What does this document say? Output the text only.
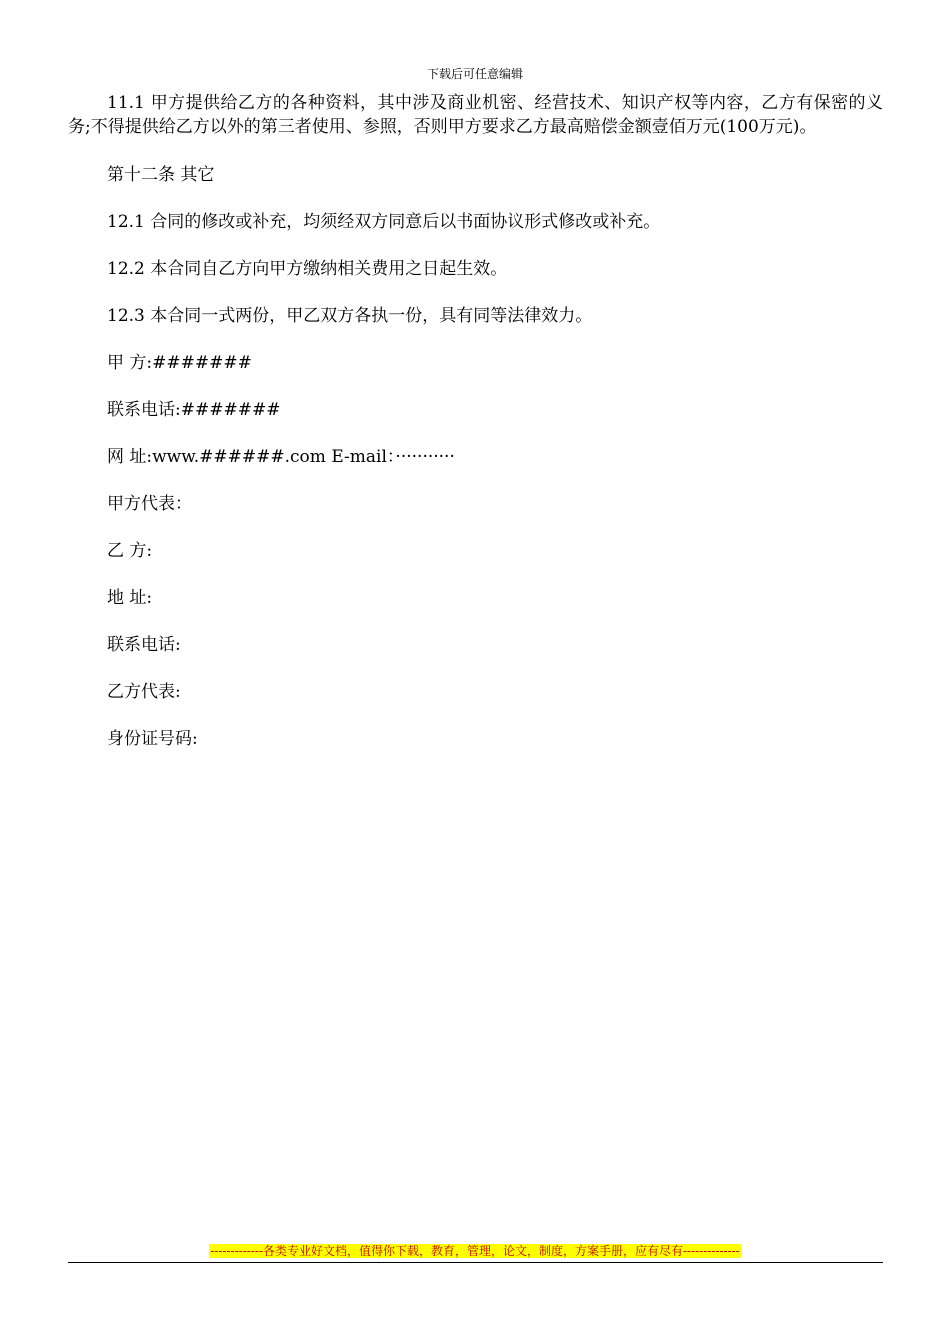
下载后可任意编辑

11.1 甲方提供给乙方的各种资料，其中涉及商业机密、经营技术、知识产权等内容，乙方有保密的义务;不得提供给乙方以外的第三者使用、参照，否则甲方要求乙方最高赔偿金额壹佰万元(100万元)。

第十二条 其它

12.1 合同的修改或补充，均须经双方同意后以书面协议形式修改或补充。

12.2 本合同自乙方向甲方缴纳相关费用之日起生效。

12.3 本合同一式两份，甲乙双方各执一份，具有同等法律效力。

甲 方:#######

联系电话:#######

网 址:www.######.com E-mail：···········

甲方代表：

乙 方:

地 址:

联系电话:

乙方代表:

身份证号码:

-------------各类专业好文档，值得你下载，教育，管理，论文，制度，方案手册，应有尽有--------------
